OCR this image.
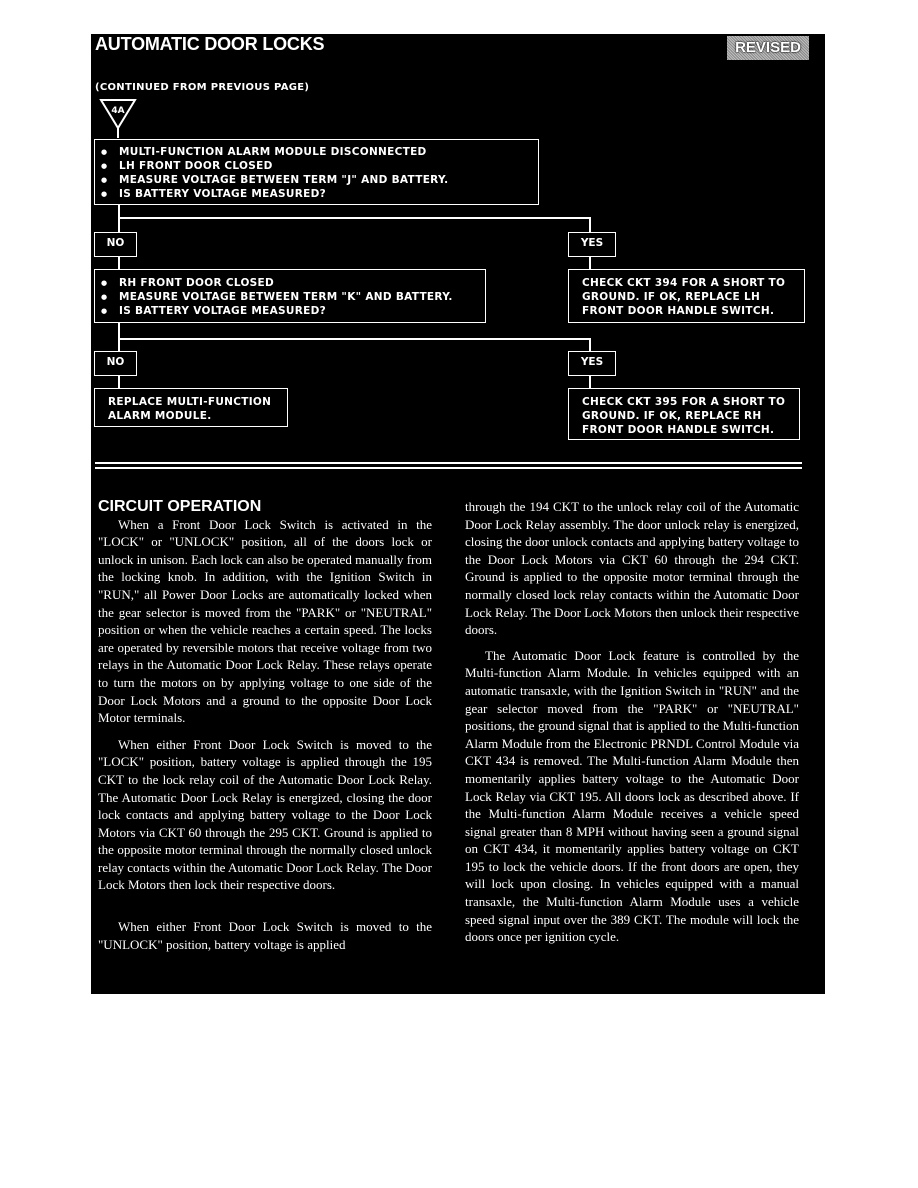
AUTOMATIC DOOR LOCKS	REVISED
(CONTINUED FROM PREVIOUS PAGE)
4A
● MULTI-FUNCTION ALARM MODULE DISCONNECTED
● LH FRONT DOOR CLOSED
● MEASURE VOLTAGE BETWEEN TERM "J" AND BATTERY.
● IS BATTERY VOLTAGE MEASURED?
NO	YES
● RH FRONT DOOR CLOSED
● MEASURE VOLTAGE BETWEEN TERM "K" AND BATTERY.
● IS BATTERY VOLTAGE MEASURED?
CHECK CKT 394 FOR A SHORT TO GROUND. IF OK, REPLACE LH FRONT DOOR HANDLE SWITCH.
NO	YES
REPLACE MULTI-FUNCTION ALARM MODULE.
CHECK CKT 395 FOR A SHORT TO GROUND. IF OK, REPLACE RH FRONT DOOR HANDLE SWITCH.

CIRCUIT OPERATION

When a Front Door Lock Switch is activated in the "LOCK" or "UNLOCK" position, all of the doors lock or unlock in unison. Each lock can also be operated manually from the locking knob. In addition, with the Ignition Switch in "RUN," all Power Door Locks are automatically locked when the gear selector is moved from the "PARK" or "NEUTRAL" position or when the vehicle reaches a certain speed. The locks are operated by reversible motors that receive voltage from two relays in the Automatic Door Lock Relay. These relays operate to turn the motors on by applying voltage to one side of the Door Lock Motors and a ground to the opposite Door Lock Motor terminals.

When either Front Door Lock Switch is moved to the "LOCK" position, battery voltage is applied through the 195 CKT to the lock relay coil of the Automatic Door Lock Relay. The Automatic Door Lock Relay is energized, closing the door lock contacts and applying battery voltage to the Door Lock Motors via CKT 60 through the 295 CKT. Ground is applied to the opposite motor terminal through the normally closed unlock relay contacts within the Automatic Door Lock Relay. The Door Lock Motors then lock their respective doors.

When either Front Door Lock Switch is moved to the "UNLOCK" position, battery voltage is applied

through the 194 CKT to the unlock relay coil of the Automatic Door Lock Relay assembly. The door unlock relay is energized, closing the door unlock contacts and applying battery voltage to the Door Lock Motors via CKT 60 through the 294 CKT. Ground is applied to the opposite motor terminal through the normally closed lock relay contacts within the Automatic Door Lock Relay. The Door Lock Motors then unlock their respective doors.

The Automatic Door Lock feature is controlled by the Multi-function Alarm Module. In vehicles equipped with an automatic transaxle, with the Ignition Switch in "RUN" and the gear selector moved from the "PARK" or "NEUTRAL" positions, the ground signal that is applied to the Multi-function Alarm Module from the Electronic PRNDL Control Module via CKT 434 is removed. The Multi-function Alarm Module then momentarily applies battery voltage to the Automatic Door Lock Relay via CKT 195. All doors lock as described above. If the Multi-function Alarm Module receives a vehicle speed signal greater than 8 MPH without having seen a ground signal on CKT 434, it momentarily applies battery voltage on CKT 195 to lock the vehicle doors. If the front doors are open, they will lock upon closing. In vehicles equipped with a manual transaxle, the Multi-function Alarm Module uses a vehicle speed signal input over the 389 CKT. The module will lock the doors once per ignition cycle.
